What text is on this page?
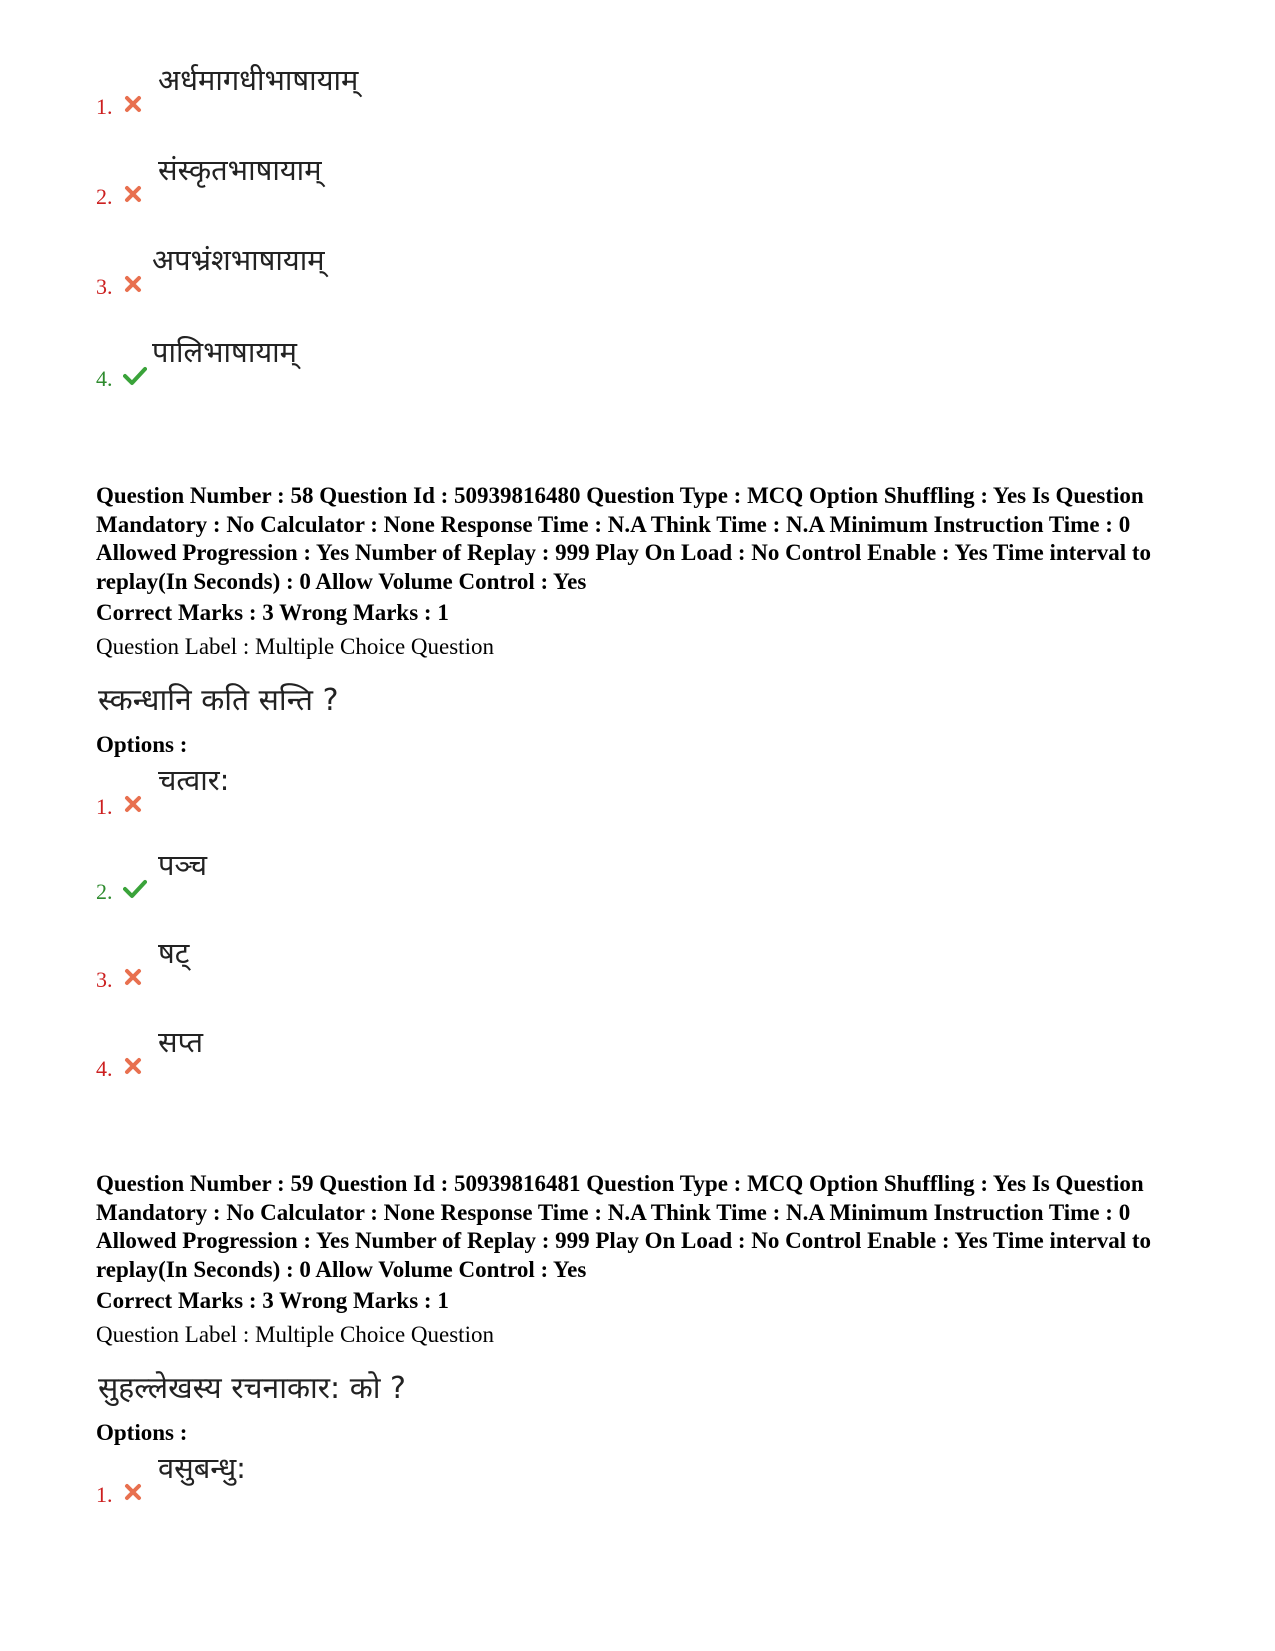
1.
अर्धमागधीभाषायाम्
2.
संस्कृतभाषायाम्
3.
अपभ्रंशभाषायाम्
4.
पालिभाषायाम्
Question Number : 58 Question Id : 50939816480 Question Type : MCQ Option Shuffling : Yes Is Question Mandatory : No Calculator : None Response Time : N.A Think Time : N.A Minimum Instruction Time : 0 Allowed Progression : Yes Number of Replay : 999 Play On Load : No Control Enable : Yes Time interval to replay(In Seconds) : 0 Allow Volume Control : Yes
Correct Marks : 3 Wrong Marks : 1
Question Label : Multiple Choice Question
स्कन्धानि कति सन्ति ?
Options :
1.
चत्वार:
2.
पञ्च
3.
षट्
4.
सप्त
Question Number : 59 Question Id : 50939816481 Question Type : MCQ Option Shuffling : Yes Is Question Mandatory : No Calculator : None Response Time : N.A Think Time : N.A Minimum Instruction Time : 0 Allowed Progression : Yes Number of Replay : 999 Play On Load : No Control Enable : Yes Time interval to replay(In Seconds) : 0 Allow Volume Control : Yes
Correct Marks : 3 Wrong Marks : 1
Question Label : Multiple Choice Question
सुहल्लेखस्य रचनाकार: को ?
Options :
1.
वसुबन्धु:
